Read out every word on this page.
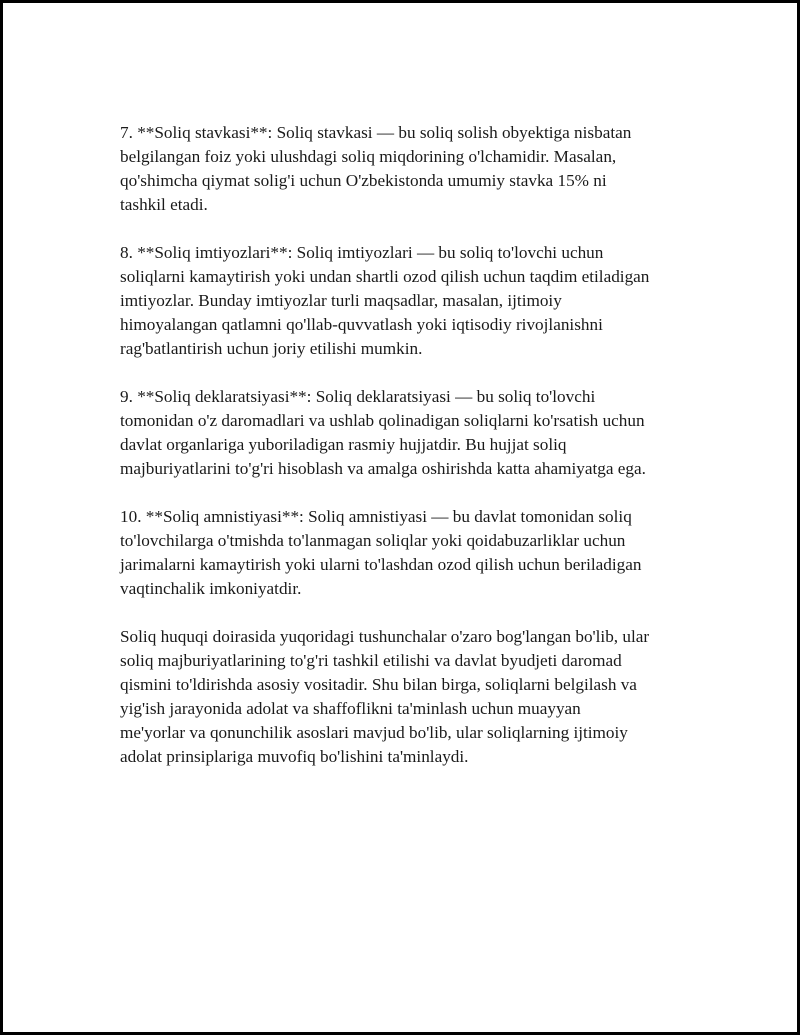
7. **Soliq stavkasi**: Soliq stavkasi — bu soliq solish obyektiga nisbatan
belgilangan foiz yoki ulushdagi soliq miqdorining o'lchamidir. Masalan,
qo'shimcha qiymat solig'i uchun O'zbekistonda umumiy stavka 15% ni
tashkil etadi.

8. **Soliq imtiyozlari**: Soliq imtiyozlari — bu soliq to'lovchi uchun
soliqlarni kamaytirish yoki undan shartli ozod qilish uchun taqdim etiladigan
imtiyozlar. Bunday imtiyozlar turli maqsadlar, masalan, ijtimoiy
himoyalangan qatlamni qo'llab-quvvatlash yoki iqtisodiy rivojlanishni
rag'batlantirish uchun joriy etilishi mumkin.

9. **Soliq deklaratsiyasi**: Soliq deklaratsiyasi — bu soliq to'lovchi
tomonidan o'z daromadlari va ushlab qolinadigan soliqlarni ko'rsatish uchun
davlat organlariga yuboriladigan rasmiy hujjatdir. Bu hujjat soliq
majburiyatlarini to'g'ri hisoblash va amalga oshirishda katta ahamiyatga ega.

10. **Soliq amnistiyasi**: Soliq amnistiyasi — bu davlat tomonidan soliq
to'lovchilarga o'tmishda to'lanmagan soliqlar yoki qoidabuzarliklar uchun
jarimalarni kamaytirish yoki ularni to'lashdan ozod qilish uchun beriladigan
vaqtinchalik imkoniyatdir.

Soliq huquqi doirasida yuqoridagi tushunchalar o'zaro bog'langan bo'lib, ular
soliq majburiyatlarining to'g'ri tashkil etilishi va davlat byudjeti daromad
qismini to'ldirishda asosiy vositadir. Shu bilan birga, soliqlarni belgilash va
yig'ish jarayonida adolat va shaffoflikni ta'minlash uchun muayyan
me'yorlar va qonunchilik asoslari mavjud bo'lib, ular soliqlarning ijtimoiy
adolat prinsiplariga muvofiq bo'lishini ta'minlaydi.
